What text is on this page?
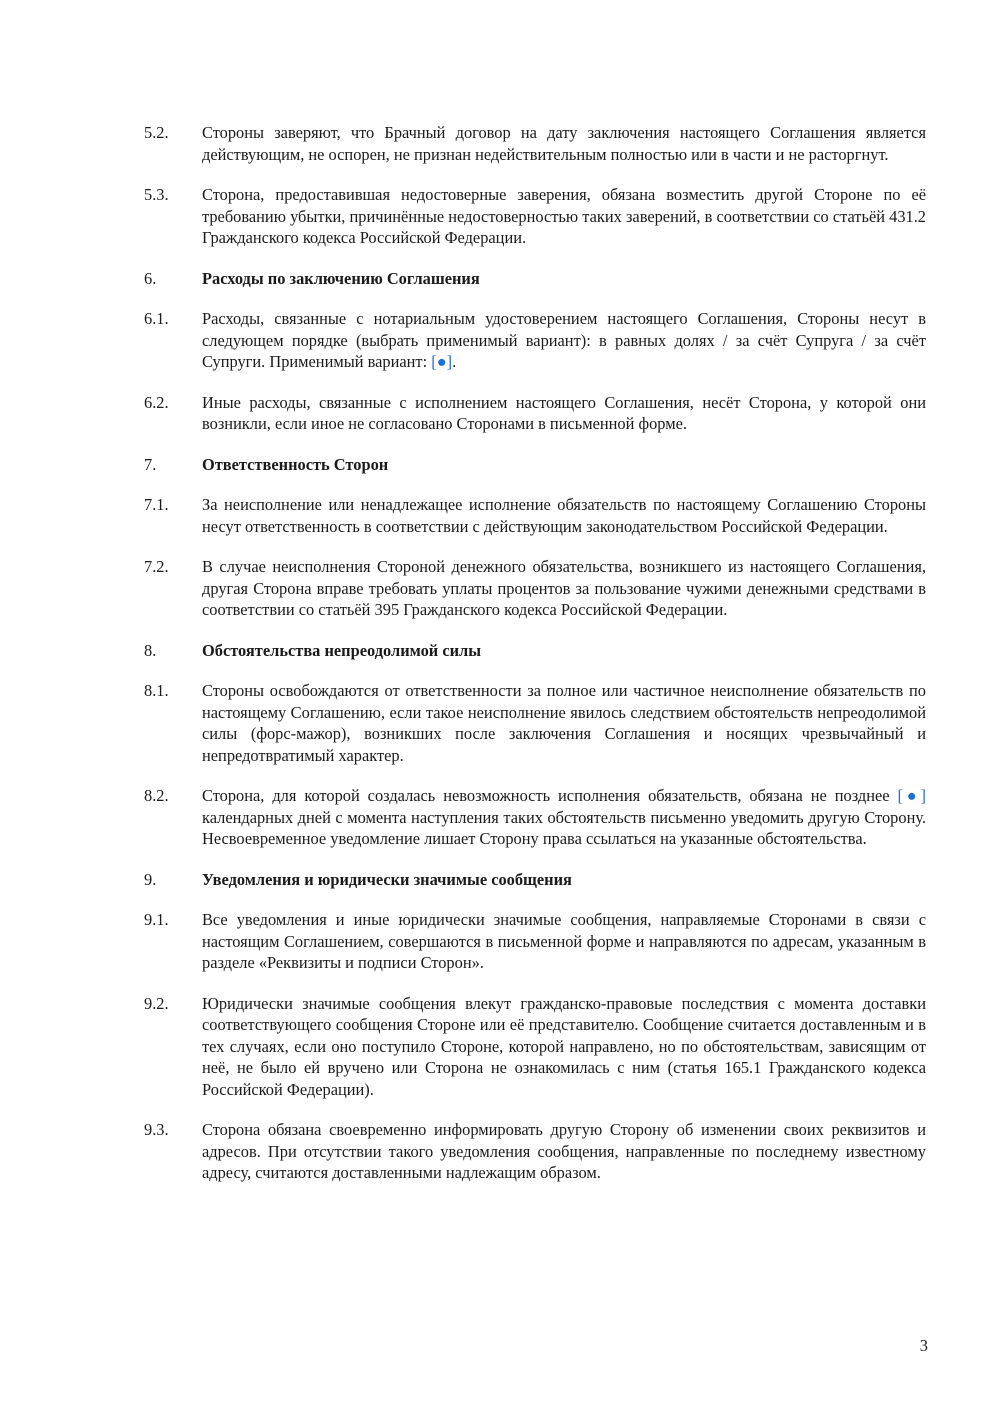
5.2.	Стороны заверяют, что Брачный договор на дату заключения настоящего Соглашения является действующим, не оспорен, не признан недействительным полностью или в части и не расторгнут.
5.3.	Сторона, предоставившая недостоверные заверения, обязана возместить другой Стороне по её требованию убытки, причинённые недостоверностью таких заверений, в соответствии со статьёй 431.2 Гражданского кодекса Российской Федерации.
6.	Расходы по заключению Соглашения
6.1.	Расходы, связанные с нотариальным удостоверением настоящего Соглашения, Стороны несут в следующем порядке (выбрать применимый вариант): в равных долях / за счёт Супруга / за счёт Супруги. Применимый вариант: [●].
6.2.	Иные расходы, связанные с исполнением настоящего Соглашения, несёт Сторона, у которой они возникли, если иное не согласовано Сторонами в письменной форме.
7.	Ответственность Сторон
7.1.	За неисполнение или ненадлежащее исполнение обязательств по настоящему Соглашению Стороны несут ответственность в соответствии с действующим законодательством Российской Федерации.
7.2.	В случае неисполнения Стороной денежного обязательства, возникшего из настоящего Соглашения, другая Сторона вправе требовать уплаты процентов за пользование чужими денежными средствами в соответствии со статьёй 395 Гражданского кодекса Российской Федерации.
8.	Обстоятельства непреодолимой силы
8.1.	Стороны освобождаются от ответственности за полное или частичное неисполнение обязательств по настоящему Соглашению, если такое неисполнение явилось следствием обстоятельств непреодолимой силы (форс-мажор), возникших после заключения Соглашения и носящих чрезвычайный и непредотвратимый характер.
8.2.	Сторона, для которой создалась невозможность исполнения обязательств, обязана не позднее [●] календарных дней с момента наступления таких обстоятельств письменно уведомить другую Сторону. Несвоевременное уведомление лишает Сторону права ссылаться на указанные обстоятельства.
9.	Уведомления и юридически значимые сообщения
9.1.	Все уведомления и иные юридически значимые сообщения, направляемые Сторонами в связи с настоящим Соглашением, совершаются в письменной форме и направляются по адресам, указанным в разделе «Реквизиты и подписи Сторон».
9.2.	Юридически значимые сообщения влекут гражданско-правовые последствия с момента доставки соответствующего сообщения Стороне или её представителю. Сообщение считается доставленным и в тех случаях, если оно поступило Стороне, которой направлено, но по обстоятельствам, зависящим от неё, не было ей вручено или Сторона не ознакомилась с ним (статья 165.1 Гражданского кодекса Российской Федерации).
9.3.	Сторона обязана своевременно информировать другую Сторону об изменении своих реквизитов и адресов. При отсутствии такого уведомления сообщения, направленные по последнему известному адресу, считаются доставленными надлежащим образом.
3
